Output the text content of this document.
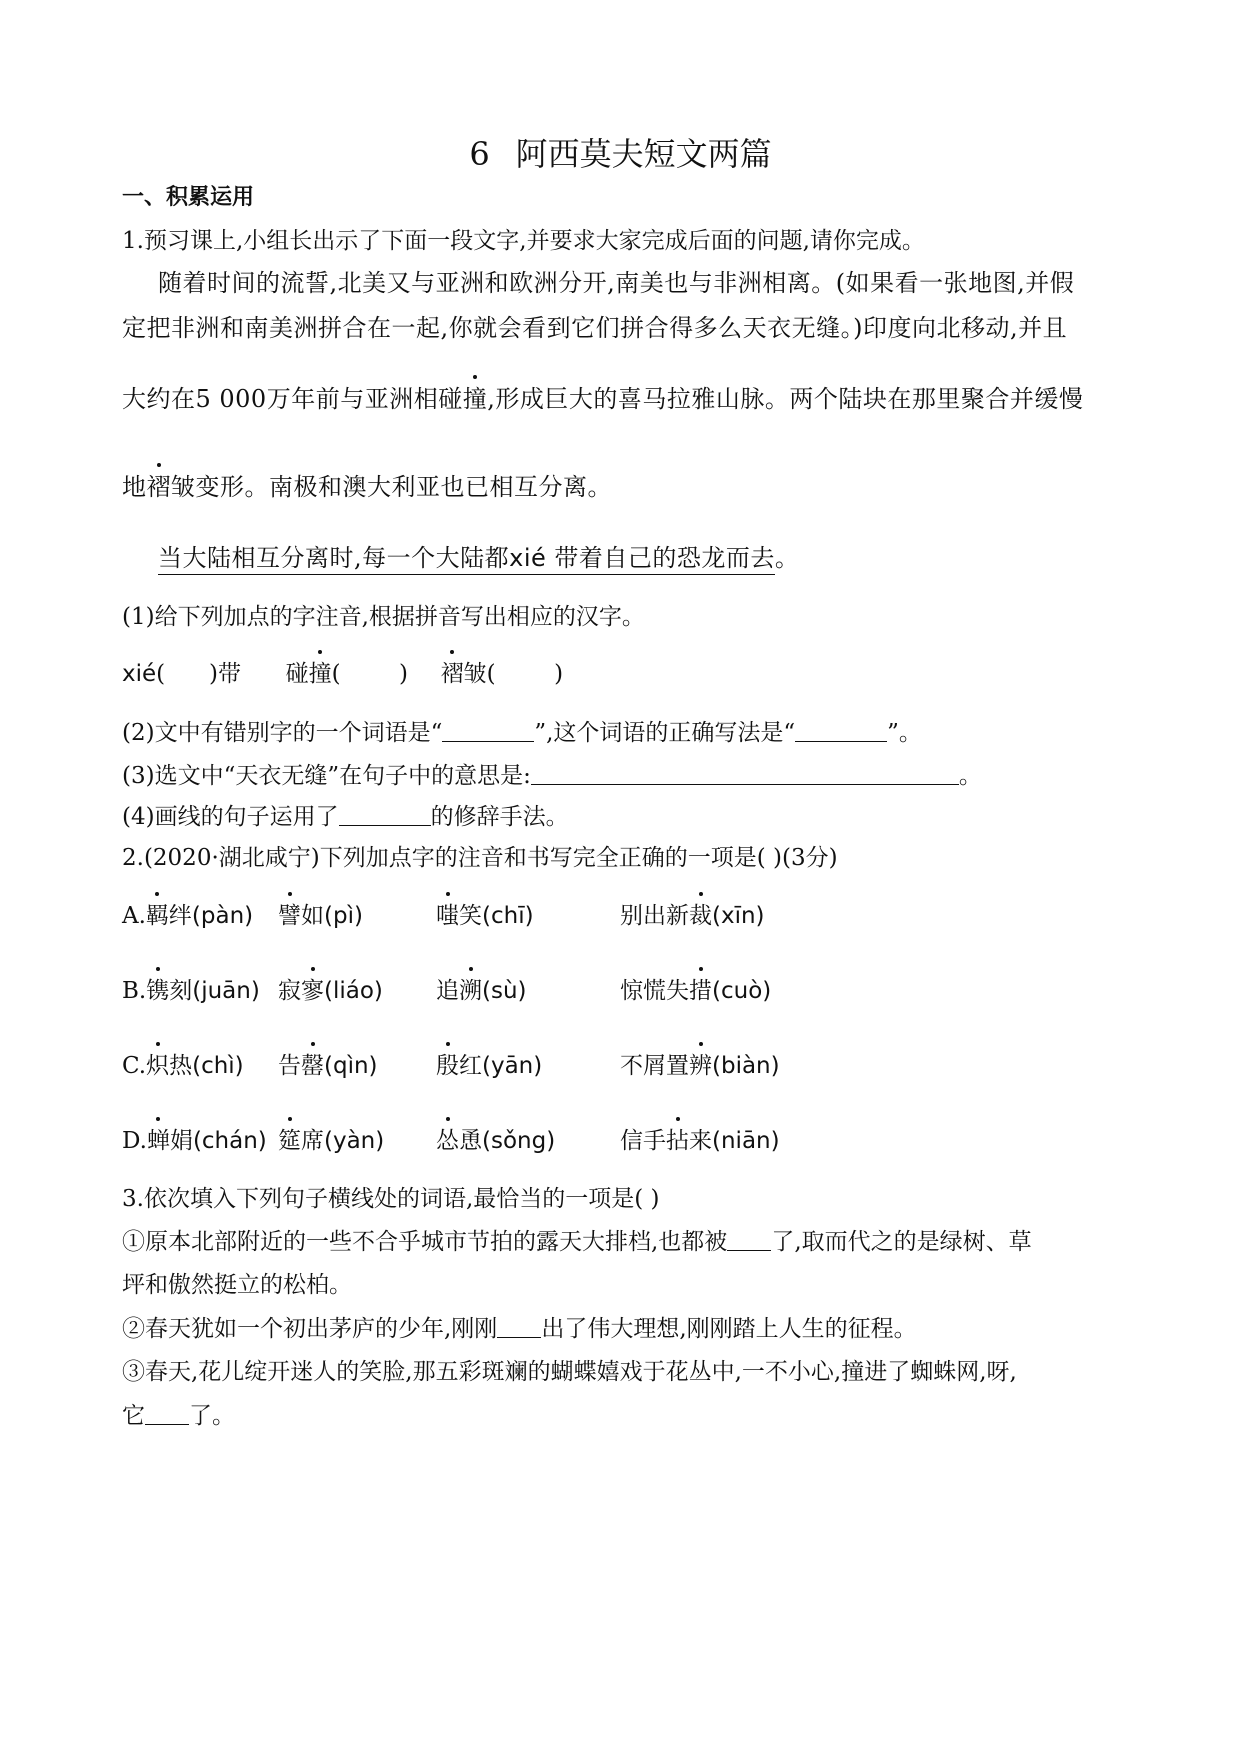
6 阿西莫夫短文两篇
一、积累运用
1.预习课上,小组长出示了下面一段文字,并要求大家完成后面的问题,请你完成。
随着时间的流誓,北美又与亚洲和欧洲分开,南美也与非洲相离。(如果看一张地图,并假
定把非洲和南美洲拼合在一起,你就会看到它们拼合得多么天衣无缝。)印度向北移动,并且
大约在5 000万年前与亚洲相碰撞,形成巨大的喜马拉雅山脉。两个陆块在那里聚合并缓慢
地褶皱变形。南极和澳大利亚也已相互分离。
当大陆相互分离时,每一个大陆都xié 带着自己的恐龙而去。
(1)给下列加点的字注音,根据拼音写出相应的汉字。
xié(      )带 碰撞(        ) 褶皱(        )
(2)文中有错别字的一个词语是“	”,这个词语的正确写法是“	”。
(3)选文中“天衣无缝”在句子中的意思是:	。
(4)画线的句子运用了	的修辞手法。
2.(2020·湖北咸宁)下列加点字的注音和书写完全正确的一项是( )(3分)
A.羁绊(pàn) 譬如(pì)	嗤笑(chī)	别出新裁(xīn)
B.镌刻(juān) 寂寥(liáo) 追溯(sù)	惊慌失措(cuò)
C.炽热(chì) 告罄(qìn)	殷红(yān)	不屑置辨(biàn)
D.蝉娟(chán) 筵席(yàn) 怂恿(sǒng)	信手拈来(niān)
3.依次填入下列句子横线处的词语,最恰当的一项是( )
①原本北部附近的一些不合乎城市节拍的露天大排档,也都被 了,取而代之的是绿树、草
坪和傲然挺立的松柏。
②春天犹如一个初出茅庐的少年,刚刚 出了伟大理想,刚刚踏上人生的征程。
③春天,花儿绽开迷人的笑脸,那五彩斑斓的蝴蝶嬉戏于花丛中,一不小心,撞进了蜘蛛网,呀,
它 了。
